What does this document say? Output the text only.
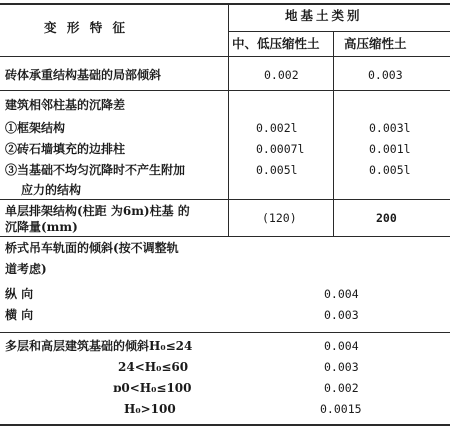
变 形 特 征
地基土类别
中、低压缩性土 高压缩性土
砖体承重结构基础的局部倾斜	0.002	0.003
建筑相邻柱基的沉降差
①框架结构	0.002l	0.003l
②砖石墙填充的边排柱	0.0007l	0.001l
③当基础不均匀沉降时不产生附加	0.005l	0.005l
应力的结构
单层排架结构(柱距 为6m)柱基 的
沉降量(mm)
(120)	200
桥式吊车轨面的倾斜(按不调整轨
道考虑)
纵 向	0.004
横 向	0.003
多层和高层建筑基础的倾斜H₀≤24	0.004
24<H₀≤60	0.003
ɒ0<H₀≤100	0.002
H₀>100	0.0015
